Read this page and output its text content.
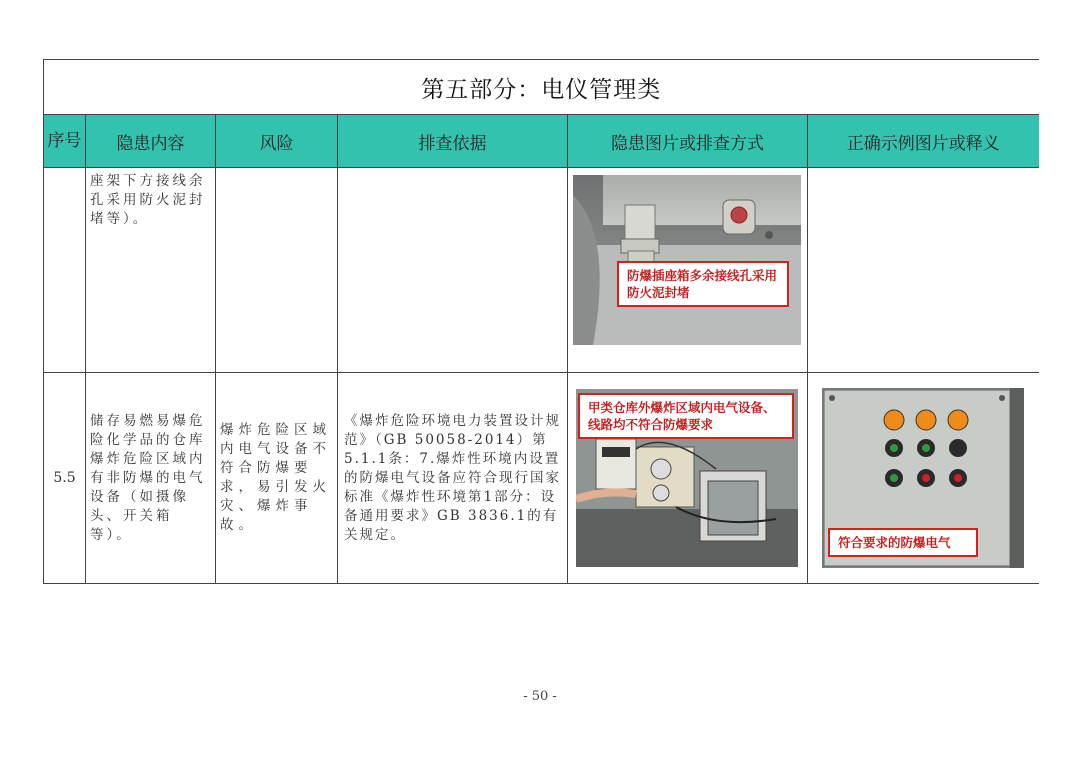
第五部分：电仪管理类					
序号	隐患内容	风险	排查依据	隐患图片或排查方式	正确示例图片或释义

	座架下方接线余孔采用防火泥封堵等）。			防爆插座箱多余接线孔采用防火泥封堵	

5.5	储存易燃易爆危险化学品的仓库爆炸危险区域内有非防爆的电气设备（如摄像头、开关箱等）。	爆炸危险区域内电气设备不符合防爆要求，易引发火灾、爆炸事故。	《爆炸危险环境电力装置设计规范》（GB 50058-2014）第5.1.1条：7.爆炸性环境内设置的防爆电气设备应符合现行国家标准《爆炸性环境第1部分：设备通用要求》GB 3836.1的有关规定。	甲类仓库外爆炸区域内电气设备、线路均不符合防爆要求	符合要求的防爆电气
- 50 -
